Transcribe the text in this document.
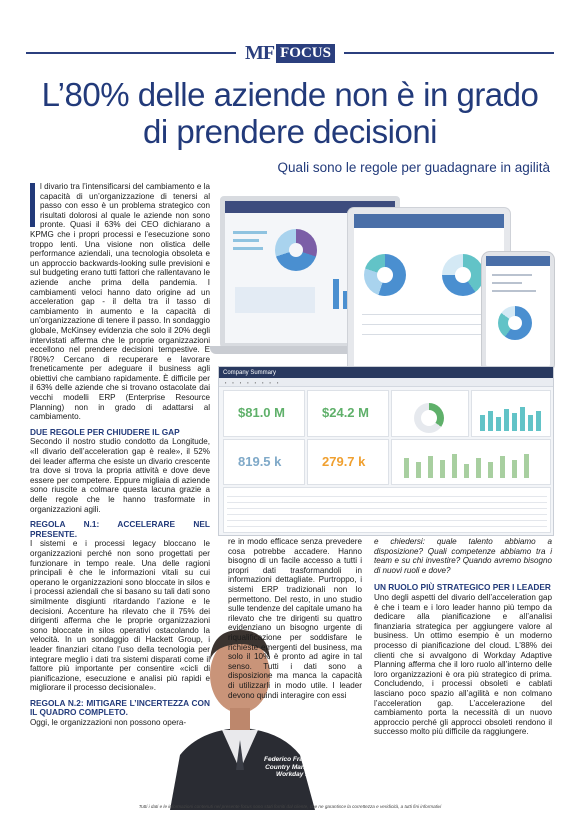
MF FOCUS
L’80% delle aziende non è in grado di prendere decisioni
Quali sono le regole per guadagnare in agilità

l divario tra l’intensificarsi del cambiamento e la capacità di un’organizzazione di tenersi al passo con esso è un problema strategico con risultati dolorosi al quale le aziende non sono pronte. Quasi il 63% dei CEO dichiarano a KPMG che i propri processi e l’esecuzione sono troppo lenti. Una visione non olistica delle performance aziendali, una tecnologia obsoleta e un approccio backwards-looking sulle previsioni e sul budgeting erano tutti fattori che rallentavano le aziende anche prima della pandemia. I cambiamenti veloci hanno dato origine ad un acceleration gap - il delta tra il tasso di cambiamento in aumento e la capacità di un’organizzazione di tenere il passo. In sondaggio globale, McKinsey evidenzia che solo il 20% degli intervistati afferma che le proprie organizzazioni eccellono nel prendere decisioni tempestive. E l’80%? Cercano di recuperare e lavorare freneticamente per adeguare il business agli obiettivi che cambiano rapidamente. È difficile per il 63% delle aziende che si trovano ostacolate dai vecchi modelli ERP (Enterprise Resource Planning) non in grado di adattarsi al cambiamento.

DUE REGOLE PER CHIUDERE IL GAP

Secondo il nostro studio condotto da Longitude, «Il divario dell’acceleration gap è reale», il 52% dei leader afferma che esiste un divario crescente tra dove si trova la propria attività e dove deve essere per competere. Eppure migliaia di aziende sono riuscite a colmare questa lacuna grazie a delle regole che le hanno trasformate in organizzazioni agili.

REGOLA N.1: ACCELERARE NEL PRESENTE.

I sistemi e i processi legacy bloccano le organizzazioni perché non sono progettati per funzionare in tempo reale. Una delle ragioni principali è che le informazioni vitali su cui operano le organizzazioni sono bloccate in silos e i processi aziendali che si basano su tali dati sono similmente disgiunti ritardando l’azione e le decisioni. Accenture ha rilevato che il 75% dei dirigenti afferma che le proprie organizzazioni sono bloccate in silos operativi ostacolando la velocità. In un sondaggio di Hackett Group, i leader finanziari citano l’uso della tecnologia per integrare meglio i dati tra sistemi disparati come il fattore più importante per consentire «cicli di pianificazione, esecuzione e analisi più rapidi e migliorare il processo decisionale».

REGOLA N.2: MITIGARE L’INCERTEZZA CON IL QUADRO COMPLETO.

Oggi, le organizzazioni non possono opera-

Company Summary
▪ ▪ ▪ ▪ ▪ ▪ ▪ ▪
$81.0 M	$24.2 M
819.5 k	279.7 k
Federico Francini, Country Manager, Workday Italia

re in modo efficace senza prevedere cosa potrebbe accadere. Hanno bisogno di un facile accesso a tutti i propri dati trasformandoli in informazioni dettagliate. Purtroppo, i sistemi ERP tradizionali non lo permettono. Del resto, in uno studio sulle tendenze del capitale umano ha rilevato che tre dirigenti su quattro evidenziano un bisogno urgente di riqualificazione per soddisfare le richieste emergenti del business, ma solo il 10% è pronto ad agire in tal senso. Tutti i dati sono a disposizione ma manca la capacità di utilizzarli in modo utile. I leader devono quindi interagire con essi

e chiedersi: quale talento abbiamo a disposizione? Quali competenze abbiamo tra i team e su chi investire? Quando avremo bisogno di nuovi ruoli e dove?

UN RUOLO PIÙ STRATEGICO PER I LEADER

Uno degli aspetti del divario dell’acceleration gap è che i team e i loro leader hanno più tempo da dedicare alla pianificazione e all’analisi finanziaria strategica per aggiungere valore al business. Un ottimo esempio è un moderno processo di pianificazione del cloud. L’88% dei clienti che si avvalgono di Workday Adaptive Planning afferma che il loro ruolo all’interno delle loro organizzazioni è ora più strategico di prima. Concludendo, i processi obsoleti e cablati lasciano poco spazio all’agilità e non colmano l’acceleration gap. L’accelerazione del cambiamento porta la necessità di un nuovo approccio perché gli approcci obsoleti rendono il successo molto più difficile da raggiungere.

Tutti i dati e le informazioni contenuti nel presente focus sono stati forniti dal cliente, che ne garantisce la correttezza e veridicità, a tutti fini informativi
